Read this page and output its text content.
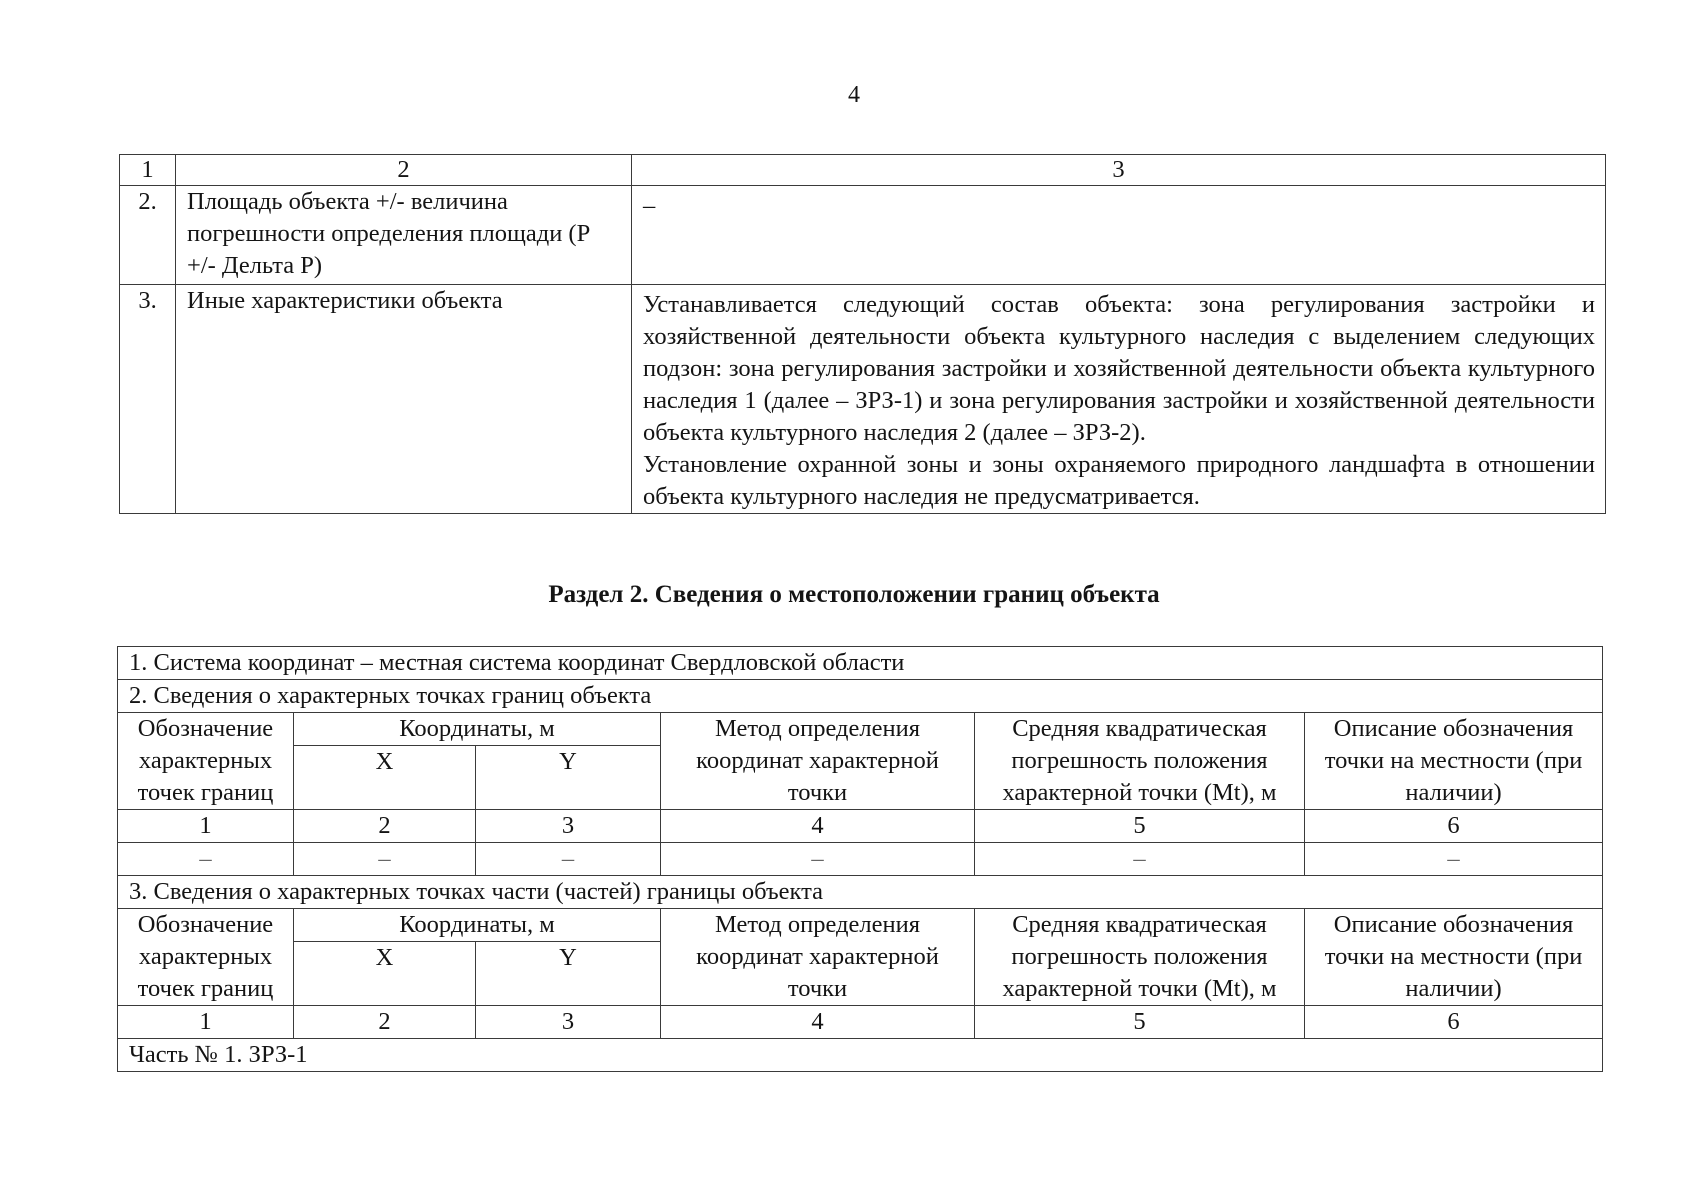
4
1	2	3
2.	Площадь объекта +/- величина погрешности определения площади (Р +/- Дельта Р)	–

3.	Иные характеристики объекта	Устанавливается следующий состав объекта: зона регулирования застройки и хозяйственной деятельности объекта культурного наследия с выделением следующих подзон: зона регулирования застройки и хозяйственной деятельности объекта культурного наследия 1 (далее – ЗРЗ-1) и зона регулирования застройки и хозяйственной деятельности объекта культурного наследия 2 (далее – ЗРЗ-2).

Установление охранной зоны и зоны охраняемого природного ландшафта в отношении объекта культурного наследия не предусматривается.

Раздел 2. Сведения о местоположении границ объекта
1. Система координат – местная система координат Свердловской области					
2. Сведения о характерных точках границ объекта					
Обозначение характерных точек границ	Координаты, м		Метод определения координат характерной точки	Средняя квадратическая погрешность положения характерной точки (Mt), м	Описание обозначения точки на местности (при наличии)
	X	Y			
1	2	3	4	5	6
–	–	–	–	–	–
3. Сведения о характерных точках части (частей) границы объекта					
Обозначение характерных точек границ	Координаты, м		Метод определения координат характерной точки	Средняя квадратическая погрешность положения характерной точки (Mt), м	Описание обозначения точки на местности (при наличии)
	X	Y			
1	2	3	4	5	6
Часть № 1. ЗРЗ-1					
